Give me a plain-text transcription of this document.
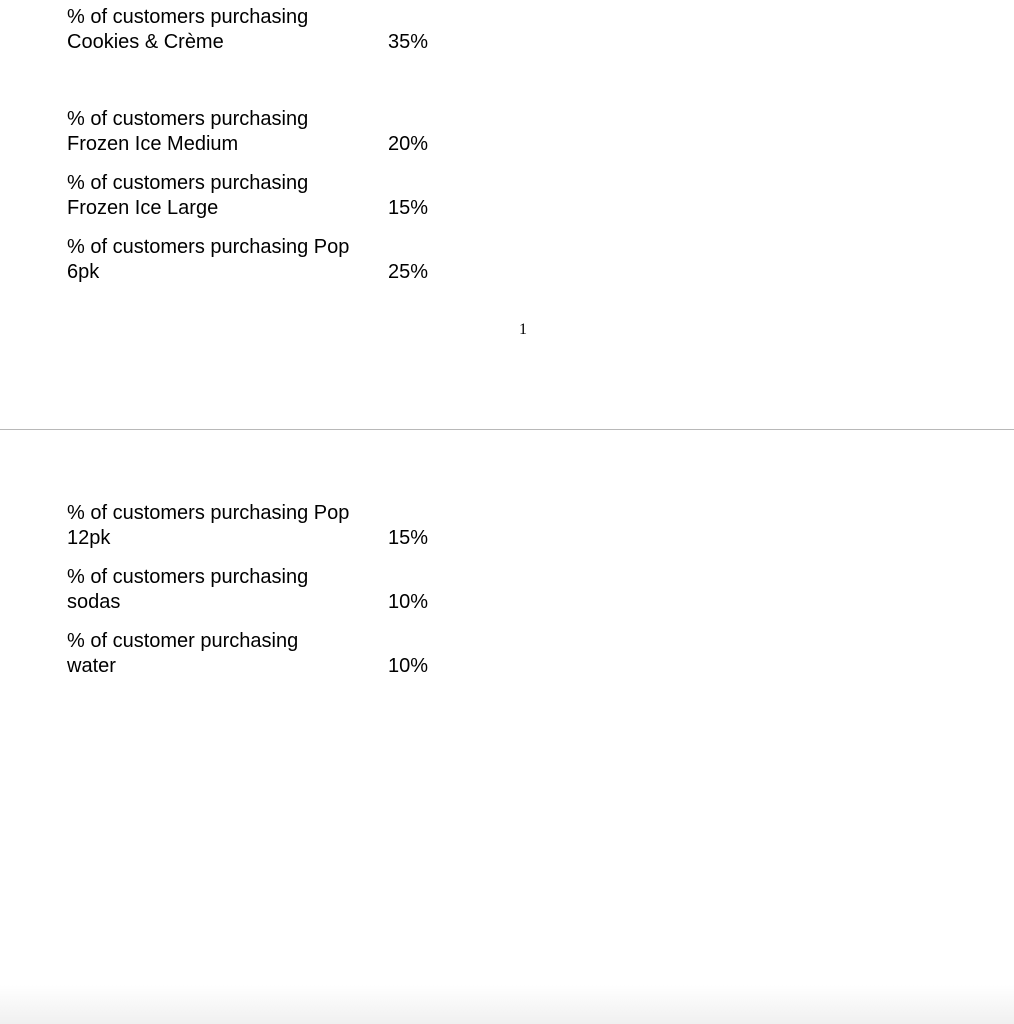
% of customers purchasing
Cookies & Crème	35%
% of customers purchasing
Frozen Ice Medium	20%
% of customers purchasing
Frozen Ice Large	15%
% of customers purchasing Pop
6pk	25%
1
% of customers purchasing Pop
12pk	15%
% of customers purchasing
sodas	10%
% of customer purchasing
water	10%
